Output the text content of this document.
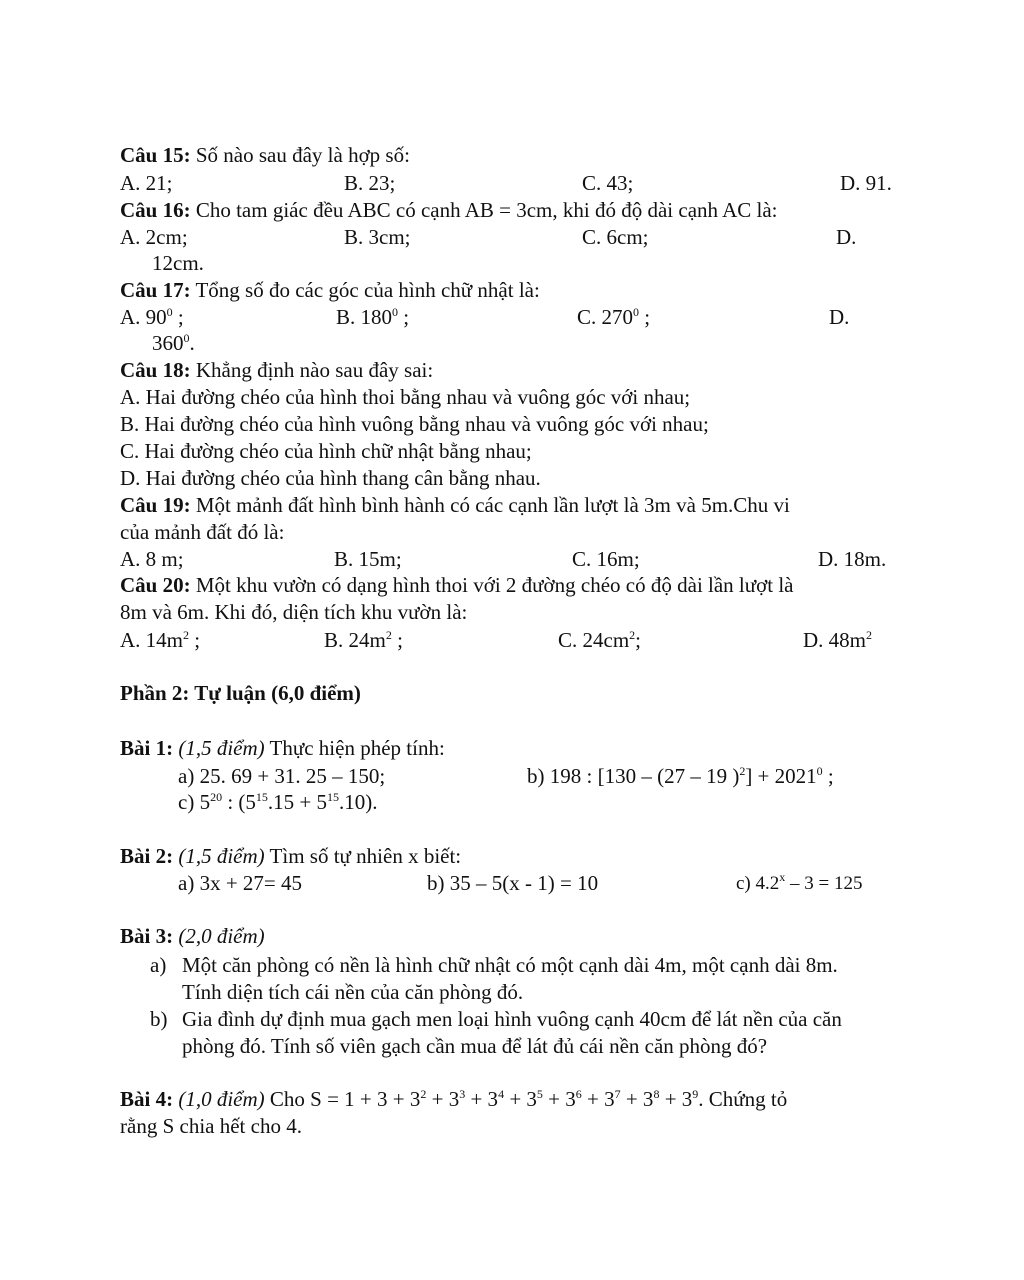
Câu 15: Số nào sau đây là hợp số:
A. 21;	B. 23;	C. 43;	D. 91.
Câu 16: Cho tam giác đều ABC có cạnh AB = 3cm, khi đó độ dài cạnh AC là:
A. 2cm;	B. 3cm;	C. 6cm;	D.
12cm.
Câu 17: Tổng số đo các góc của hình chữ nhật là:
A. $90^0$ ;	B. $180^0$ ;	C. $270^0$ ;	D.
$360^0$.
Câu 18: Khẳng định nào sau đây sai:
A. Hai đường chéo của hình thoi bằng nhau và vuông góc với nhau;
B. Hai đường chéo của hình vuông bằng nhau và vuông góc với nhau;
C. Hai đường chéo của hình chữ nhật bằng nhau;
D. Hai đường chéo của hình thang cân bằng nhau.
Câu 19: Một mảnh đất hình bình hành có các cạnh lần lượt là 3m và 5m.Chu vi
của mảnh đất đó là:
A. 8 m;	B. 15m;	C. 16m;	D. 18m.
Câu 20: Một khu vườn có dạng hình thoi với 2 đường chéo có độ dài lần lượt là
8m và 6m. Khi đó, diện tích khu vườn là:
A. $14m^2$ ;	B. $24m^2$ ;	C. $24cm^2$;	D. $48m^2$
Phần 2: Tự luận (6,0 điểm)
Bài 1: (1,5 điểm) Thực hiện phép tính:
a) 25. 69 + 31. 25 – 150;	b) 198 : [130 – (27 – 19 )$^2] + 2021^0$ ;
c) $5^{20}$ : $(5^{15}.15 + 5^{15}.10)$.
Bài 2: (1,5 điểm) Tìm số tự nhiên x biết:
a) 3x + 27= 45	b) 35 – 5(x - 1) = 10	c) 4.2$^x$ – 3 = 125
Bài 3: (2,0 điểm)
a) Một căn phòng có nền là hình chữ nhật có một cạnh dài 4m, một cạnh dài 8m.
Tính diện tích cái nền của căn phòng đó.
b) Gia đình dự định mua gạch men loại hình vuông cạnh 40cm để lát nền của căn
phòng đó. Tính số viên gạch cần mua để lát đủ cái nền căn phòng đó?
Bài 4: (1,0 điểm) Cho $S = 1 + 3 + 3^2 + 3^3 + 3^4 + 3^5 + 3^6 + 3^7 + 3^8 + 3^9$. Chứng tỏ
rằng S chia hết cho 4.
